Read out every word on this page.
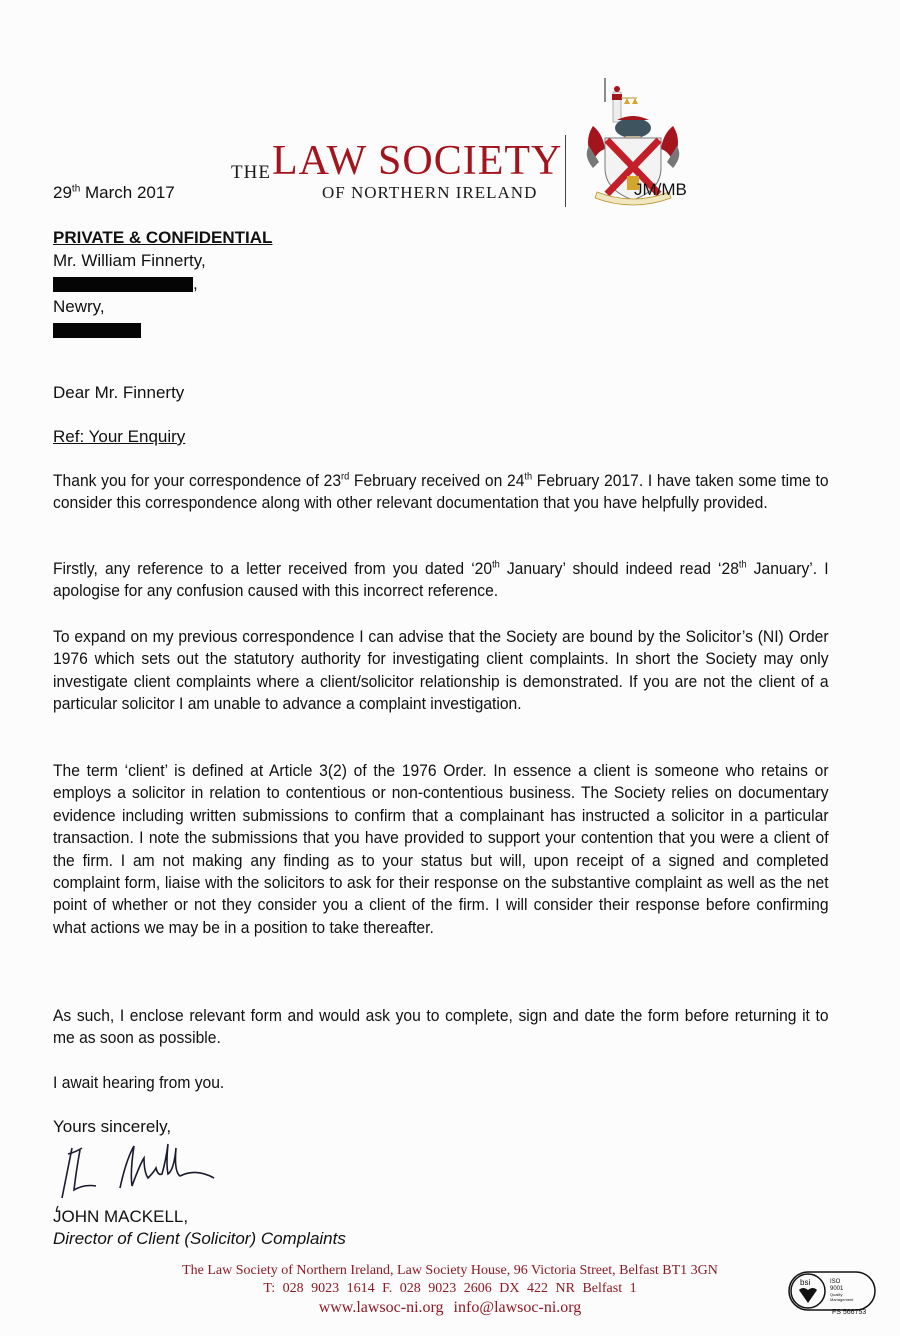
THE LAW SOCIETY
OF NORTHERN IRELAND	JM/MB
29th March 2017
PRIVATE & CONFIDENTIAL
Mr. William Finnerty,
,
Newry,
Dear Mr. Finnerty
Ref: Your Enquiry
Thank you for your correspondence of 23rd February received on 24th February 2017. I have taken some time to consider this correspondence along with other relevant documentation that you have helpfully provided.
Firstly, any reference to a letter received from you dated ‘20th January’ should indeed read ‘28th January’. I apologise for any confusion caused with this incorrect reference.
To expand on my previous correspondence I can advise that the Society are bound by the Solicitor’s (NI) Order 1976 which sets out the statutory authority for investigating client complaints. In short the Society may only investigate client complaints where a client/solicitor relationship is demonstrated. If you are not the client of a particular solicitor I am unable to advance a complaint investigation.
The term ‘client’ is defined at Article 3(2) of the 1976 Order. In essence a client is someone who retains or employs a solicitor in relation to contentious or non-contentious business. The Society relies on documentary evidence including written submissions to confirm that a complainant has instructed a solicitor in a particular transaction. I note the submissions that you have provided to support your contention that you were a client of the firm. I am not making any finding as to your status but will, upon receipt of a signed and completed complaint form, liaise with the solicitors to ask for their response on the substantive complaint as well as the net point of whether or not they consider you a client of the firm. I will consider their response before confirming what actions we may be in a position to take thereafter.
As such, I enclose relevant form and would ask you to complete, sign and date the form before returning it to me as soon as possible.
I await hearing from you.
Yours sincerely,
JOHN MACKELL,
Director of Client (Solicitor) Complaints
The Law Society of Northern Ireland, Law Society House, 96 Victoria Street, Belfast BT1 3GN
T: 028 9023 1614 F. 028 9023 2606 DX 422 NR Belfast 1
www.lawsoc-ni.org info@lawsoc-ni.org
bsi	ISO
9001
Quality
Management
FS 566753
